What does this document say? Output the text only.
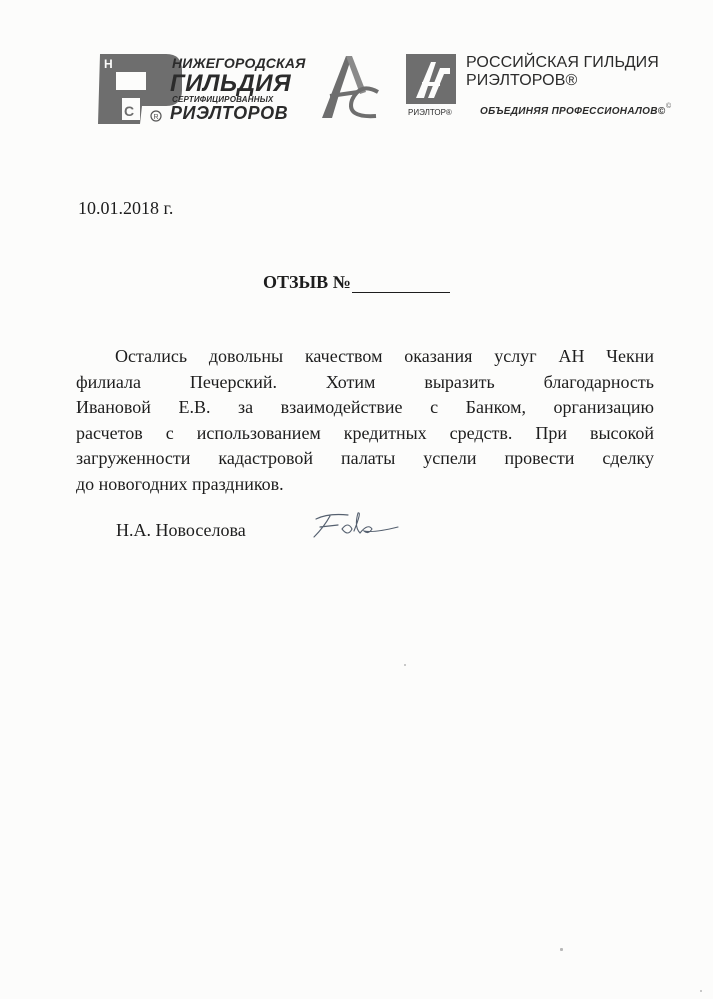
H
C	R
НИЖЕГОРОДСКАЯ
ГИЛЬДИЯ
СЕРТИФИЦИРОВАННЫХ
РИЭЛТОРОВ	©
РОССИЙСКАЯ ГИЛЬДИЯ
РИЭЛТОРОВ®
ОБЪЕДИНЯЯ ПРОФЕССИОНАЛОВ©
РИЭЛТОР®
10.01.2018 г.
ОТЗЫВ №
Остались довольны качеством оказания услуг АН Чекни
филиала Печерский. Хотим выразить благодарность
Ивановой Е.В. за взаимодействие с Банком, организацию
расчетов с использованием кредитных средств. При высокой
загруженности кадастровой палаты успели провести сделку
до новогодних праздников.
Н.А. Новоселова
